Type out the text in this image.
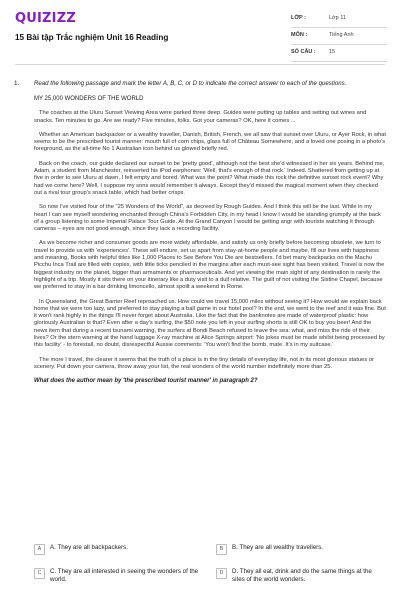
QUIZIZZ
15 Bài tập Trắc nghiệm Unit 16 Reading
LỚP :	Lớp 11
MÔN :	Tiếng Anh
SỐ CÂU : 15
1. Read the following passage and mark the letter A, B, C, or D to indicate the correct answer to each of the questions.

MY 25,000 WONDERS OF THE WORLD

The coaches at the Uluru Sunset Viewing Area were parked three deep. Guides were putting up tables and setting out wines and snacks. Ten minutes to go. Are we ready? Five minutes, folks. Got your cameras? OK, here it comes ...

Whether an American backpacker or a wealthy traveller, Danish, British, French, we all saw that sunset over Uluru, or Ayer Rock, in what seems to be the prescribed tourist manner: mouth full of corn chips, glass full of Château Somewhere, and a loved one posing in a photo's foreground, as the all-time No 1 Australian icon behind us glowed briefly red.

Back on the coach, our guide declared our sunset to be 'pretty good', although not the best she'd witnessed in her six years. Behind me, Adam, a student from Manchester, reinserted his iPod earphones: 'Well, that's enough of that rock.' Indeed. Shattered from getting up at five in order to see Uluru at dawn, I felt empty and bored. What was the point? What made this rock the definitive sunset rock event? Why had we come here? Well, I suppose my sons would remember it always. Except they'd missed the magical moment when they checked out a rival tour group's snack table, which had better crisps.

So now I've visited four of the "25 Wonders of the World", as decreed by Rough Guides. And I think this will be the last. While in my heart I can see myself wondering enchanted through China's Forbidden City, in my head I know I would be standing grumpily at the back of a group listening to some Imperial Palace Tour Guide. At the Grand Canyon I would be getting angr with tourists watching it through cameras – eyes are not good enough, since they lack a recording facility.

As we become richer and consumer goods are more widely affordable, and satisfy us only briefly before becoming obsolete, we turn to travel to provide us with 'experiences'. These will endure, set us apart from stay-at-home people and maybe, fill our lives with happiness and meaning, Books with helpful titles like 1,000 Places to See Before You Die are bestsellers. I'd bet many backpacks on the Machu Picchu Inca Trail are filled with copies, with little ticks penciled in the margins after each must-see sight has been visited. Travel is now the biggest industry on the planet, bigger than armaments or pharmaceuticals. And yet viewing the main sight of any destination is rarely the highlight of a trip. Mostly it sits there on your itinerary like a duty visit to a dull relative. The guilt of not visiting the Sistine Chapel, because we preferred to stay in a bar drinking limoncello, almost spoilt a weekend in Rome.

In Queensland, the Great Barrier Reef reproached us. How could we travel 15,000 miles without seeing it? How would we explain back home that we were too lazy, and preferred to stay playing a ball game in our hotel pool? In the end, we went to the reef and it was fine. But it won't rank highly in the things I'll never forget about Australia. Like the fact that the banknotes are made of waterproof plastic: how gloriously Australian is that? Even after a day's surfing, the $50 note you left in your surfing shorts is still OK to buy you beer! And the news item that during a recent tsunami warning, the surfers at Bondi Beach refused to leave the sea: what, and miss the ride of their lives? Or the stern warning at the hand luggage X-ray machine at Alice Springs airport: 'No jokes must be made whilst being processed by this facility' - to forestall, no doubt, disrespectful Aussie comments: 'You won't find the bomb, mate. It's in my suitcase.'

The more I travel, the clearer it seems that the truth of a place is in the tiny details of everyday life, not in its most glorious statues or scenery. Put down your camera, throw away your list, the real wonders of the world number indefinitely more than 25.

What does the author mean by 'the prescribed tourist manner' in paragraph 2?

A	A. They are all backpackers.	B	B. They are all wealthy travellers.
C	C. They are all interested in seeing the wonders of the world.
D	D. They all eat, drink and do the same things at the sites of the world wonders.
